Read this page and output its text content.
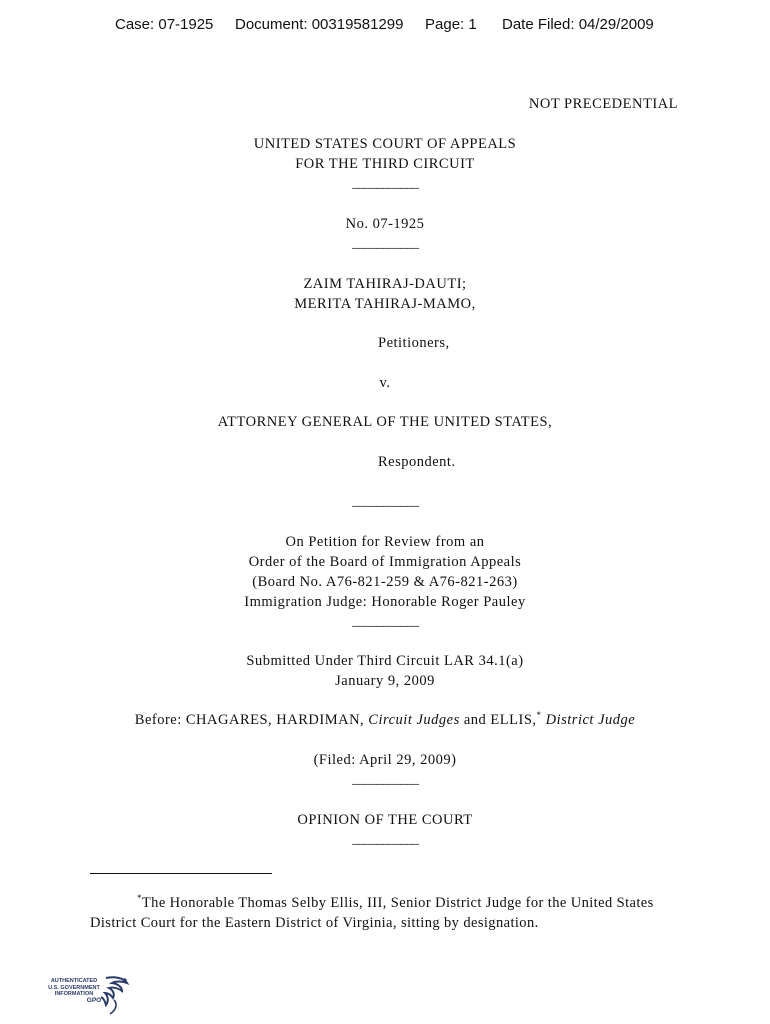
Case: 07-1925 Document: 00319581299 Page: 1 Date Filed: 04/29/2009
NOT PRECEDENTIAL
UNITED STATES COURT OF APPEALS
FOR THE THIRD CIRCUIT
___________
No. 07-1925
___________
ZAIM TAHIRAJ-DAUTI;
MERITA TAHIRAJ-MAMO,
Petitioners,
v.
ATTORNEY GENERAL OF THE UNITED STATES,
Respondent.
___________
On Petition for Review from an
Order of the Board of Immigration Appeals
(Board No. A76-821-259 & A76-821-263)
Immigration Judge: Honorable Roger Pauley
___________
Submitted Under Third Circuit LAR 34.1(a)
January 9, 2009
Before: CHAGARES, HARDIMAN, Circuit Judges and ELLIS,* District Judge
(Filed: April 29, 2009)
___________
OPINION OF THE COURT
___________
*The Honorable Thomas Selby Ellis, III, Senior District Judge for the United States
District Court for the Eastern District of Virginia, sitting by designation.
AUTHENTICATED
U.S. GOVERNMENT
INFORMATION
GPO
